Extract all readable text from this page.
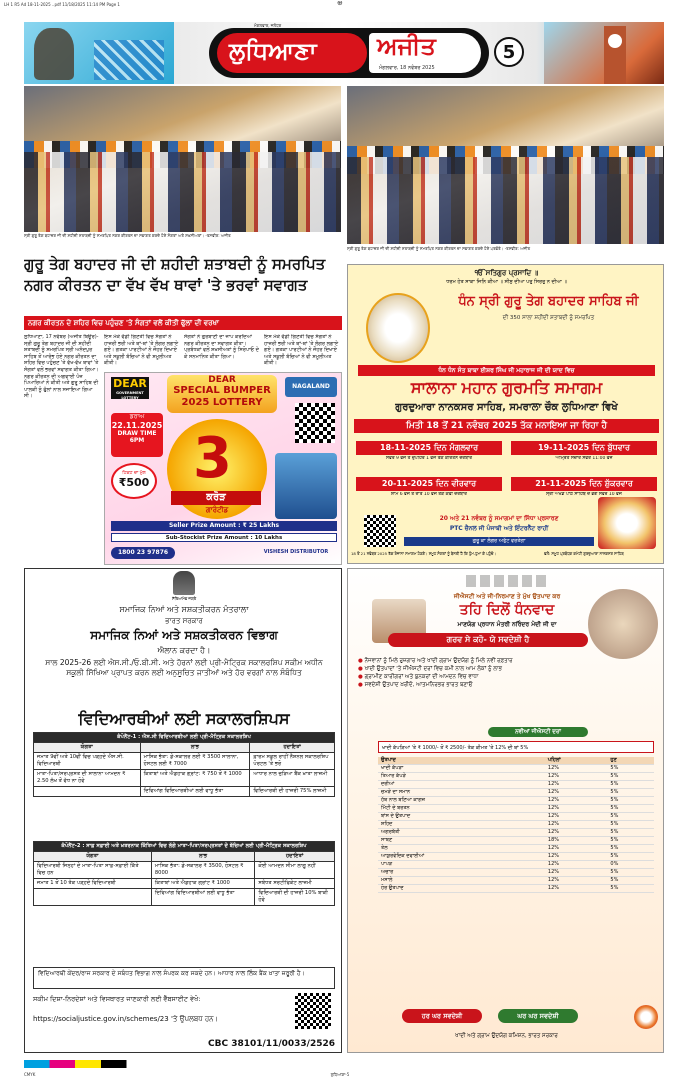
LH 1 R5 Ad 18-11-2025 ..pdf 11/18/2025 11:14 PM Page 1	⊕
ਲੁਧਿਆਣਾ	ਅਜੀਤ
ਮੰਗਲਵਾਰ, 18 ਨਵੰਬਰ 2025
ਮੰਗਲਵਾਰ, ਜਲੰਧਰ
5
ਸ੍ਰੀ ਗੁਰੂ ਤੇਗ ਬਹਾਦਰ ਜੀ ਦੀ ਸ਼ਹੀਦੀ ਸ਼ਤਾਬਦੀ ਨੂੰ ਸਮਰਪਿਤ ਨਗਰ ਕੀਰਤਨ ਦਾ ਸਵਾਗਤ ਕਰਦੇ ਹੋਏ ਸੰਗਤਾਂ ਅਤੇ ਸ਼ਖ਼ਸੀਅਤਾਂ। -ਤਸਵੀਰ: ਅਜੀਤ
ਸ੍ਰੀ ਗੁਰੂ ਤੇਗ ਬਹਾਦਰ ਜੀ ਦੀ ਸ਼ਹੀਦੀ ਸ਼ਤਾਬਦੀ ਨੂੰ ਸਮਰਪਿਤ ਨਗਰ ਕੀਰਤਨ ਦਾ ਸਵਾਗਤ ਕਰਦੇ ਹੋਏ ਪਤਵੰਤੇ। -ਤਸਵੀਰ: ਅਜੀਤ
ਗੁਰੂ ਤੇਗ ਬਹਾਦਰ ਜੀ ਦੀ ਸ਼ਹੀਦੀ ਸ਼ਤਾਬਦੀ ਨੂੰ ਸਮਰਪਿਤ
ਨਗਰ ਕੀਰਤਨ ਦਾ ਵੱਖ ਵੱਖ ਥਾਵਾਂ 'ਤੇ ਭਰਵਾਂ ਸਵਾਗਤ
ਨਗਰ ਕੀਰਤਨ ਦੇ ਸ਼ਹਿਰ ਵਿਚ ਪਹੁੰਚਣ 'ਤੇ ਸੰਗਤਾਂ ਵਲੋਂ ਕੀਤੀ ਫੁੱਲਾਂ ਦੀ ਵਰਖਾ
ਲੁਧਿਆਣਾ, 17 ਨਵੰਬਰ (ਅਜੀਤ ਬਿਊਰੋ)-ਸ੍ਰੀ ਗੁਰੂ ਤੇਗ ਬਹਾਦਰ ਜੀ ਦੀ ਸ਼ਹੀਦੀ ਸ਼ਤਾਬਦੀ ਨੂੰ ਸਮਰਪਿਤ ਸ੍ਰੀ ਅਨੰਦਪੁਰ ਸਾਹਿਬ ਤੋਂ ਆਰੰਭ ਹੋਏ ਨਗਰ ਕੀਰਤਨ ਦਾ ਸ਼ਹਿਰ ਵਿਚ ਪਹੁੰਚਣ 'ਤੇ ਵੱਖ-ਵੱਖ ਥਾਵਾਂ 'ਤੇ ਸੰਗਤਾਂ ਵਲੋਂ ਭਰਵਾਂ ਸਵਾਗਤ ਕੀਤਾ ਗਿਆ। ਨਗਰ ਕੀਰਤਨ ਦੀ ਅਗਵਾਈ ਪੰਜ ਪਿਆਰਿਆਂ ਨੇ ਕੀਤੀ ਅਤੇ ਗੁਰੂ ਸਾਹਿਬ ਦੀ ਪਾਲਕੀ ਨੂੰ ਫੁੱਲਾਂ ਨਾਲ ਸਜਾਇਆ ਗਿਆ ਸੀ।
ਇਸ ਮੌਕੇ ਵੱਡੀ ਗਿਣਤੀ ਵਿਚ ਸੰਗਤਾਂ ਨੇ ਹਾਜ਼ਰੀ ਭਰੀ ਅਤੇ ਥਾਂ-ਥਾਂ 'ਤੇ ਲੰਗਰ ਲਗਾਏ ਗਏ। ਗਤਕਾ ਪਾਰਟੀਆਂ ਨੇ ਜੌਹਰ ਦਿਖਾਏ ਅਤੇ ਸਕੂਲੀ ਬੱਚਿਆਂ ਨੇ ਵੀ ਸ਼ਮੂਲੀਅਤ ਕੀਤੀ।
ਸੰਗਤਾਂ ਨੇ ਗੁਰਬਾਣੀ ਦਾ ਜਾਪ ਕਰਦਿਆਂ ਨਗਰ ਕੀਰਤਨ ਦਾ ਸਵਾਗਤ ਕੀਤਾ। ਪ੍ਰਬੰਧਕਾਂ ਵਲੋਂ ਸ਼ਖ਼ਸੀਅਤਾਂ ਨੂੰ ਸਿਰੋਪਾਓ ਦੇ ਕੇ ਸਨਮਾਨਿਤ ਕੀਤਾ ਗਿਆ।
ਇਸ ਮੌਕੇ ਵੱਡੀ ਗਿਣਤੀ ਵਿਚ ਸੰਗਤਾਂ ਨੇ ਹਾਜ਼ਰੀ ਭਰੀ ਅਤੇ ਥਾਂ-ਥਾਂ 'ਤੇ ਲੰਗਰ ਲਗਾਏ ਗਏ। ਗਤਕਾ ਪਾਰਟੀਆਂ ਨੇ ਜੌਹਰ ਦਿਖਾਏ ਅਤੇ ਸਕੂਲੀ ਬੱਚਿਆਂ ਨੇ ਵੀ ਸ਼ਮੂਲੀਅਤ ਕੀਤੀ।
DEAR
GOVERNMENT LOTTERY
DEAR
SPECIAL BUMPER
2025 LOTTERY
NAGALAND
ਡਰਾਅ
22.11.2025
DRAW TIME 6PM
ਟਿਕਟ ਦਾ ਮੁੱਲ
₹500 3
ਕਰੋੜ
ਗਾਰੰਟੀਡ
Seller Prize Amount : ₹ 25 Lakhs
Sub-Stockist Prize Amount : 10 Lakhs
1800 23 97876	VISHESH DISTRIBUTOR
ੴ ਸਤਿਗੁਰ ਪ੍ਰਸਾਦਿ ॥
ਧਰਮ ਹੇਤ ਸਾਕਾ ਜਿਨਿ ਕੀਆ ॥ ਸੀਸੁ ਦੀਆ ਪਰੁ ਸਿਰਰੁ ਨ ਦੀਆ ॥
ਧੰਨ ਸ੍ਰੀ ਗੁਰੂ ਤੇਗ ਬਹਾਦਰ ਸਾਹਿਬ ਜੀ
ਦੀ 350 ਸਾਲਾ ਸ਼ਹੀਦੀ ਸ਼ਤਾਬਦੀ ਨੂੰ ਸਮਰਪਿਤ
ਧੰਨ ਧੰਨ ਸੰਤ ਬਾਬਾ ਈਸ਼ਰ ਸਿੰਘ ਜੀ ਮਹਾਰਾਜ ਜੀ ਦੀ ਯਾਦ ਵਿਚ
ਸਾਲਾਨਾ ਮਹਾਨ ਗੁਰਮਤਿ ਸਮਾਗਮ
ਗੁਰਦੁਆਰਾ ਨਾਨਕਸਰ ਸਾਹਿਬ, ਸਮਰਾਲਾ ਚੌਕ ਲੁਧਿਆਣਾ ਵਿਖੇ
ਮਿਤੀ 18 ਤੋਂ 21 ਨਵੰਬਰ 2025 ਤੱਕ ਮਨਾਇਆ ਜਾ ਰਿਹਾ ਹੈ
18-11-2025 ਦਿਨ ਮੰਗਲਵਾਰ
ਸਵੇਰੇ 9 ਵਜੇ ਤੋਂ ਦੁਪਹਿਰ 1 ਵਜੇ ਤੱਕ ਕੀਰਤਨ ਦਰਬਾਰ
19-11-2025 ਦਿਨ ਬੁੱਧਵਾਰ
ਅੰਮ੍ਰਿਤ ਸੰਚਾਰ ਸਵੇਰੇ 11:00 ਵਜੇ
20-11-2025 ਦਿਨ ਵੀਰਵਾਰ
ਸ਼ਾਮ 6 ਵਜੇ ਤੋਂ ਰਾਤ 10 ਵਜੇ ਤੱਕ ਕਵੀ ਦਰਬਾਰ
21-11-2025 ਦਿਨ ਸ਼ੁੱਕਰਵਾਰ
ਸ੍ਰੀ ਅਖੰਡ ਪਾਠ ਸਾਹਿਬ ਦੇ ਭੋਗ ਸਵੇਰੇ 10 ਵਜੇ
20 ਅਤੇ 21 ਨਵੰਬਰ ਨੂੰ ਸਮਾਗਮਾਂ ਦਾ ਸਿੱਧਾ ਪ੍ਰਸਾਰਣ
PTC ਚੈਨਲ ਜੀ ਪੰਜਾਬੀ ਅਤੇ ਇੰਟਰਨੈੱਟ ਰਾਹੀਂ
ਗੁਰੂ ਕਾ ਲੰਗਰ ਅਤੁੱਟ ਵਰਤੇਗਾ
18 ਤੋਂ 21 ਨਵੰਬਰ 2025 ਤੱਕ ਰੋਜ਼ਾਨਾ ਸਮਾਗਮ ਹੋਣਗੇ। ਸਮੂਹ ਸੰਗਤਾਂ ਨੂੰ ਬੇਨਤੀ ਹੈ ਕਿ ਹੁੰਮ-ਹੁਮਾ ਕੇ ਪਹੁੰਚੋ।	ਵਲੋਂ: ਸਮੂਹ ਪ੍ਰਬੰਧਕ ਕਮੇਟੀ ਗੁਰਦੁਆਰਾ ਨਾਨਕਸਰ ਸਾਹਿਬ
ਸੱਤਿਆਮੇਵ ਜਯਤੇ
ਸਮਾਜਿਕ ਨਿਆਂ ਅਤੇ ਸਸ਼ਕਤੀਕਰਨ ਮੰਤਰਾਲਾ
ਭਾਰਤ ਸਰਕਾਰ
ਸਮਾਜਿਕ ਨਿਆਂ ਅਤੇ ਸਸ਼ਕਤੀਕਰਨ ਵਿਭਾਗ
ਐਲਾਨ ਕਰਦਾ ਹੈ।
ਸਾਲ 2025-26 ਲਈ ਐਸ.ਸੀ./ਓ.ਬੀ.ਸੀ. ਅਤੇ ਹੋਰਨਾਂ ਲਈ ਪ੍ਰੀ-ਮੈਟ੍ਰਿਕ ਸਕਾਲਰਸ਼ਿਪ ਸਕੀਮ ਅਧੀਨ ਸਕੂਲੀ ਸਿੱਖਿਆ ਪ੍ਰਾਪਤ ਕਰਨ ਲਈ ਅਨੁਸੂਚਿਤ ਜਾਤੀਆਂ ਅਤੇ ਹੋਰ ਵਰਗਾਂ ਨਾਲ ਸੰਬੰਧਿਤ
ਵਿਦਿਆਰਥੀਆਂ ਲਈ ਸਕਾਲਰਸ਼ਿਪਸ
ਕੰਪੋਨੈਂਟ-1 : ਐਸ.ਸੀ ਵਿਦਿਆਰਥੀਆਂ ਲਈ ਪ੍ਰੀ-ਮੈਟ੍ਰਿਕ ਸਕਾਲਰਸ਼ਿਪ		
ਯੋਗਤਾ	ਲਾਭ	ਹਦਾਇਤਾਂ
ਜਮਾਤ 9ਵੀਂ ਅਤੇ 10ਵੀਂ ਵਿਚ ਪੜ੍ਹਦੇ ਐਸ.ਸੀ. ਵਿਦਿਆਰਥੀ	ਮਾਸਿਕ ਭੱਤਾ: ਡੇ-ਸਕਾਲਰ ਲਈ ₹ 3500 ਸਾਲਾਨਾ, ਹੋਸਟਲ ਲਈ ₹ 7000	ਫ਼ਾਰਮ ਸਕੂਲ ਰਾਹੀਂ ਨੈਸ਼ਨਲ ਸਕਾਲਰਸ਼ਿਪ ਪੋਰਟਲ 'ਤੇ ਭਰੋ
ਮਾਤਾ-ਪਿਤਾ/ਸਰਪ੍ਰਸਤ ਦੀ ਸਾਲਾਨਾ ਆਮਦਨ ₹ 2.50 ਲੱਖ ਤੋਂ ਵੱਧ ਨਾ ਹੋਵੇ	ਕਿਤਾਬਾਂ ਅਤੇ ਐਡਹਾਕ ਗ੍ਰਾਂਟ: ₹ 750 ਤੋਂ ₹ 1000	ਆਧਾਰ ਨਾਲ ਜੁੜਿਆ ਬੈਂਕ ਖ਼ਾਤਾ ਲਾਜ਼ਮੀ
	ਦਿਵਿਆਂਗ ਵਿਦਿਆਰਥੀਆਂ ਲਈ ਵਾਧੂ ਭੱਤਾ	ਵਿਦਿਆਰਥੀ ਦੀ ਹਾਜ਼ਰੀ 75% ਲਾਜ਼ਮੀ
ਕੰਪੋਨੈਂਟ-2 : ਸਾਫ਼ ਸਫ਼ਾਈ ਅਤੇ ਖ਼ਤਰਨਾਕ ਕਿੱਤਿਆਂ ਵਿਚ ਲੱਗੇ ਮਾਤਾ-ਪਿਤਾ/ਸਰਪ੍ਰਸਤਾਂ ਦੇ ਬੱਚਿਆਂ ਲਈ ਪ੍ਰੀ-ਮੈਟ੍ਰਿਕ ਸਕਾਲਰਸ਼ਿਪ		
ਯੋਗਤਾ	ਲਾਭ	ਹਦਾਇਤਾਂ
ਵਿਦਿਆਰਥੀ ਜਿਨ੍ਹਾਂ ਦੇ ਮਾਤਾ-ਪਿਤਾ ਸਾਫ਼-ਸਫ਼ਾਈ ਕਿੱਤੇ ਵਿਚ ਹਨ	ਮਾਸਿਕ ਭੱਤਾ: ਡੇ-ਸਕਾਲਰ ₹ 3500, ਹੋਸਟਲ ₹ 8000	ਕੋਈ ਆਮਦਨ ਸੀਮਾ ਲਾਗੂ ਨਹੀਂ
ਜਮਾਤ 1 ਤੋਂ 10 ਤੱਕ ਪੜ੍ਹਦੇ ਵਿਦਿਆਰਥੀ	ਕਿਤਾਬਾਂ ਅਤੇ ਐਡਹਾਕ ਗ੍ਰਾਂਟ ₹ 1000	ਸਬੰਧਤ ਸਰਟੀਫਿਕੇਟ ਲਾਜ਼ਮੀ
	ਦਿਵਿਆਂਗ ਵਿਦਿਆਰਥੀਆਂ ਲਈ ਵਾਧੂ ਭੱਤਾ	ਵਿਦਿਆਰਥੀ ਦੀ ਹਾਜ਼ਰੀ 10% ਬਾਕੀ ਹੋਵੇ
ਵਿਦਿਆਰਥੀ ਕੇਂਦਰ/ਰਾਜ ਸਰਕਾਰ ਦੇ ਸਬੰਧਤ ਵਿਭਾਗ ਨਾਲ ਸੰਪਰਕ ਕਰ ਸਕਦੇ ਹਨ। ਆਧਾਰ ਨਾਲ ਲਿੰਕ ਬੈਂਕ ਖ਼ਾਤਾ ਜ਼ਰੂਰੀ ਹੈ।
ਸਕੀਮ ਦਿਸ਼ਾ-ਨਿਰਦੇਸ਼ਾਂ ਅਤੇ ਵਿਸਥਾਰਤ ਜਾਣਕਾਰੀ ਲਈ ਵੈੱਬਸਾਈਟ ਵੇਖੋ:
https://socialjustice.gov.in/schemes/23 'ਤੇ ਉਪਲਬਧ ਹਨ।
CBC 38101/11/0033/2526
ਜੀਐਸਟੀ ਅਤੇ ਜੀ-ਨਿਰਮਾਣ ਤੇ ਮੁੱਖ ਉਤਪਾਦ ਕਰ
ਤਹਿ ਦਿਲੋਂ ਧੰਨਵਾਦ
ਮਾਣਯੋਗ ਪ੍ਰਧਾਨ ਮੰਤਰੀ ਨਰਿੰਦਰ ਮੋਦੀ ਜੀ ਦਾ
ਗਰਵ ਸੇ ਕਹੋ- ਯੇ ਸਵਦੇਸ਼ੀ ਹੈ
● ਨੌਜਵਾਨਾਂ ਨੂੰ ਮਿਲੇ ਰੁਜ਼ਗਾਰ ਅਤੇ ਖਾਦੀ ਗ੍ਰਾਮ ਉਦਯੋਗ ਨੂੰ ਮਿਲੇ ਨਵੀਂ ਰਫ਼ਤਾਰ
● ਖਾਦੀ ਉਤਪਾਦਾਂ 'ਤੇ ਜੀਐਸਟੀ ਦਰਾਂ ਵਿਚ ਕਮੀ ਨਾਲ ਆਮ ਲੋਕਾਂ ਨੂੰ ਲਾਭ
● ਗ੍ਰਾਮੀਣ ਕਾਰੀਗਰਾਂ ਅਤੇ ਬੁਨਕਰਾਂ ਦੀ ਆਮਦਨ ਵਿਚ ਵਾਧਾ
● ਸਵਦੇਸ਼ੀ ਉਤਪਾਦ ਖ਼ਰੀਦੋ, ਆਤਮਨਿਰਭਰ ਭਾਰਤ ਬਣਾਓ
ਨਵੀਆਂ ਜੀਐਸਟੀ ਦਰਾਂ
ਖਾਦੀ ਕੱਪੜਿਆਂ 'ਤੇ ₹ 1000/- ਤੋਂ ₹ 2500/- ਤੱਕ ਕੀਮਤ 'ਤੇ 12% ਦੀ ਥਾਂ 5%
ਉਤਪਾਦ	ਪਹਿਲਾਂ	ਹੁਣ
ਖਾਦੀ ਕੱਪੜਾ	12%	5%
ਤਿਆਰ ਕੱਪੜੇ	12%	5%
ਦਰੀਆਂ	12%	5%
ਚਮੜੇ ਦਾ ਸਮਾਨ	12%	5%
ਹੱਥ ਨਾਲ ਬਣਿਆ ਕਾਗਜ਼	12%	5%
ਮਿੱਟੀ ਦੇ ਬਰਤਨ	12%	5%
ਬਾਂਸ ਦੇ ਉਤਪਾਦ	12%	5%
ਸ਼ਹਿਦ	12%	5%
ਅਗਰਬੱਤੀ	12%	5%
ਸਾਬਣ	18%	5%
ਤੇਲ	12%	5%
ਆਯੁਰਵੇਦਿਕ ਦਵਾਈਆਂ	12%	5%
ਪਾਪੜ	12%	0%
ਅਚਾਰ	12%	5%
ਮਸਾਲੇ	12%	5%
ਹੋਰ ਉਤਪਾਦ	12%	5%
ਹਰ ਘਰ ਸਵਦੇਸ਼ੀ	ਘਰ ਘਰ ਸਵਦੇਸ਼ੀ
ਖਾਦੀ ਅਤੇ ਗ੍ਰਾਮ ਉਦਯੋਗ ਕਮਿਸ਼ਨ, ਭਾਰਤ ਸਰਕਾਰ
CMYK	ਲੁਧਿਆਣਾ-5
